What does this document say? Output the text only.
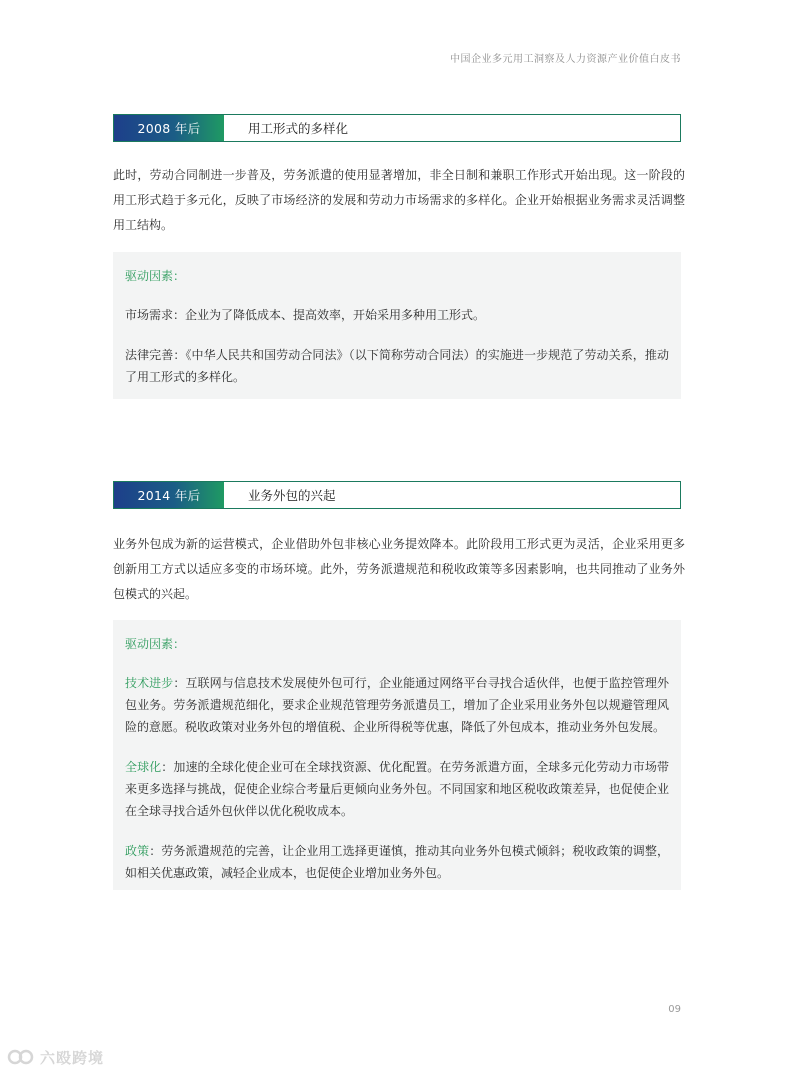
中国企业多元用工洞察及人力资源产业价值白皮书
2008 年后	用工形式的多样化

此时，劳动合同制进一步普及，劳务派遣的使用显著增加，非全日制和兼职工作形式开始出现。这一阶段的用工形式趋于多元化，反映了市场经济的发展和劳动力市场需求的多样化。企业开始根据业务需求灵活调整用工结构。

驱动因素：

市场需求：企业为了降低成本、提高效率，开始采用多种用工形式。

法律完善：《中华人民共和国劳动合同法》（以下简称劳动合同法）的实施进一步规范了劳动关系，推动了用工形式的多样化。

2014 年后	业务外包的兴起

业务外包成为新的运营模式，企业借助外包非核心业务提效降本。此阶段用工形式更为灵活，企业采用更多创新用工方式以适应多变的市场环境。此外，劳务派遣规范和税收政策等多因素影响，也共同推动了业务外包模式的兴起。

驱动因素：

技术进步：互联网与信息技术发展使外包可行，企业能通过网络平台寻找合适伙伴，也便于监控管理外包业务。劳务派遣规范细化，要求企业规范管理劳务派遣员工，增加了企业采用业务外包以规避管理风险的意愿。税收政策对业务外包的增值税、企业所得税等优惠，降低了外包成本，推动业务外包发展。

全球化：加速的全球化使企业可在全球找资源、优化配置。在劳务派遣方面，全球多元化劳动力市场带来更多选择与挑战，促使企业综合考量后更倾向业务外包。不同国家和地区税收政策差异，也促使企业在全球寻找合适外包伙伴以优化税收成本。

政策：劳务派遣规范的完善，让企业用工选择更谨慎，推动其向业务外包模式倾斜；税收政策的调整，如相关优惠政策，减轻企业成本，也促使企业增加业务外包。

09
六殴跨境
